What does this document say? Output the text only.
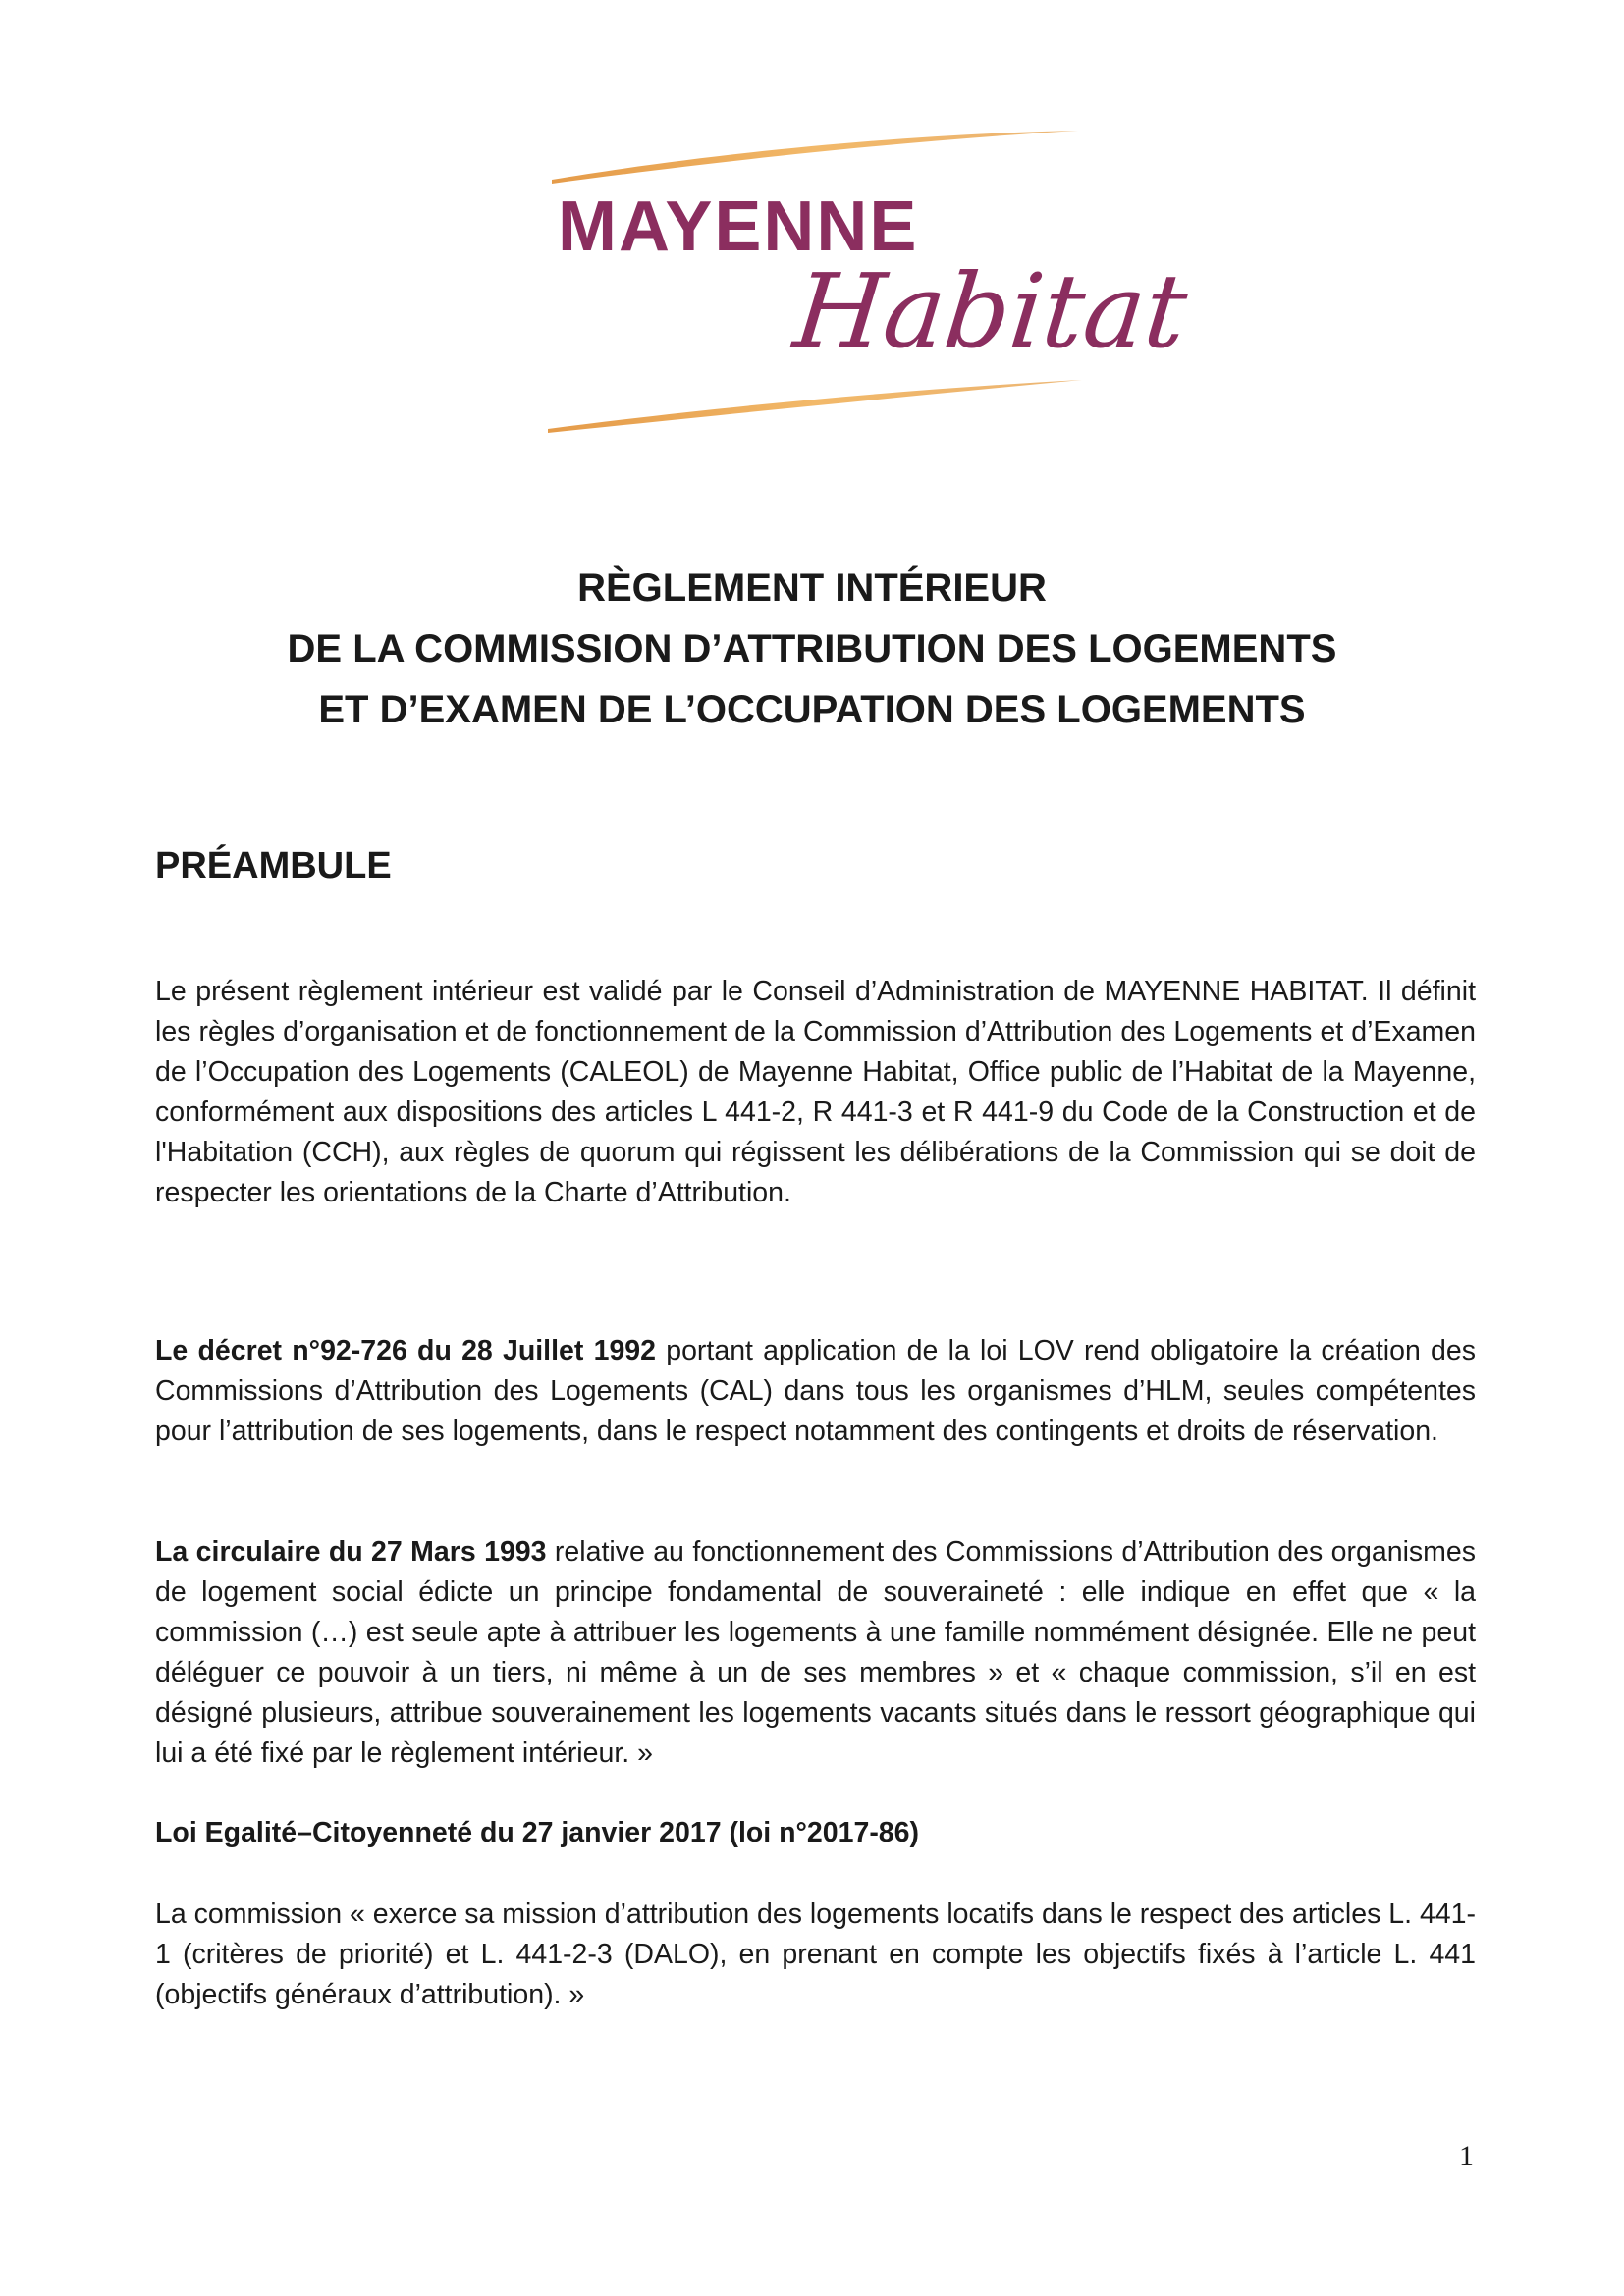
MAYENNE
Habitat
RÈGLEMENT INTÉRIEUR
DE LA COMMISSION D’ATTRIBUTION DES LOGEMENTS
ET D’EXAMEN DE L’OCCUPATION DES LOGEMENTS
PRÉAMBULE
Le présent règlement intérieur est validé par le Conseil d’Administration de MAYENNE HABITAT. Il définit les règles d’organisation et de fonctionnement de la Commission d’Attribution des Logements et d’Examen de l’Occupation des Logements (CALEOL) de Mayenne Habitat, Office public de l’Habitat de la Mayenne, conformément aux dispositions des articles L 441-2, R 441-3 et R 441-9 du Code de la Construction et de l'Habitation (CCH), aux règles de quorum qui régissent les délibérations de la Commission qui se doit de respecter les orientations de la Charte d’Attribution.
Le décret n°92-726 du 28 Juillet 1992 portant application de la loi LOV rend obligatoire la création des Commissions d’Attribution des Logements (CAL) dans tous les organismes d’HLM, seules compétentes pour l’attribution de ses logements, dans le respect notamment des contingents et droits de réservation.
La circulaire du 27 Mars 1993 relative au fonctionnement des Commissions d’Attribution des organismes de logement social édicte un principe fondamental de souveraineté : elle indique en effet que « la commission (…) est seule apte à attribuer les logements à une famille nommément désignée. Elle ne peut déléguer ce pouvoir à un tiers, ni même à un de ses membres » et « chaque commission, s’il en est désigné plusieurs, attribue souverainement les logements vacants situés dans le ressort géographique qui lui a été fixé par le règlement intérieur. »
Loi Egalité–Citoyenneté du 27 janvier 2017 (loi n°2017-86)
La commission « exerce sa mission d’attribution des logements locatifs dans le respect des articles L. 441-1 (critères de priorité) et L. 441-2-3 (DALO), en prenant en compte les objectifs fixés à l’article L. 441 (objectifs généraux d’attribution). »
1
